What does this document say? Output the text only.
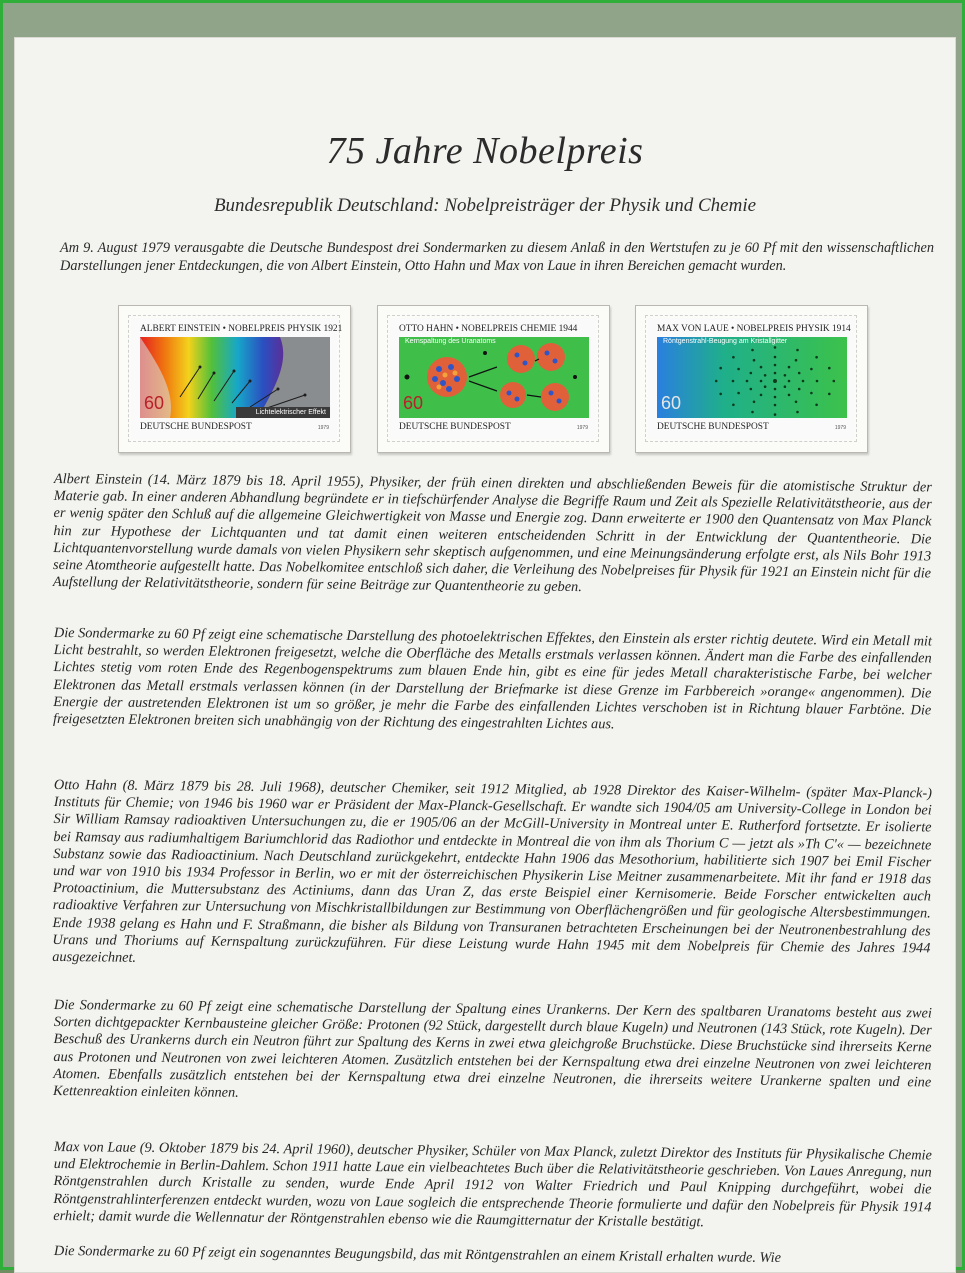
75 Jahre Nobelpreis
Bundesrepublik Deutschland: Nobelpreisträger der Physik und Chemie
Am 9. August 1979 verausgabte die Deutsche Bundespost drei Sondermarken zu diesem Anlaß in den Wertstufen zu je 60 Pf mit den wissenschaftlichen Darstellungen jener Entdeckungen, die von Albert Einstein, Otto Hahn und Max von Laue in ihren Bereichen gemacht wurden.
ALBERT EINSTEIN • NOBELPREIS PHYSIK 1921
60	Lichtelektrischer Effekt
DEUTSCHE BUNDESPOST	1979
OTTO HAHN • NOBELPREIS CHEMIE 1944
Kernspaltung des Uranatoms
60
DEUTSCHE BUNDESPOST	1979
MAX VON LAUE • NOBELPREIS PHYSIK 1914
Röntgenstrahl-Beugung am Kristallgitter
60
DEUTSCHE BUNDESPOST	1979

Albert Einstein (14. März 1879 bis 18. April 1955), Physiker, der früh einen direkten und abschließenden Beweis für die atomistische Struktur der Materie gab. In einer anderen Abhandlung begründete er in tiefschürfender Analyse die Begriffe Raum und Zeit als Spezielle Relativitätstheorie, aus der er wenig später den Schluß auf die allgemeine Gleichwertigkeit von Masse und Energie zog. Dann erweiterte er 1900 den Quantensatz von Max Planck hin zur Hypothese der Lichtquanten und tat damit einen weiteren entscheidenden Schritt in der Entwicklung der Quantentheorie. Die Lichtquantenvorstellung wurde damals von vielen Physikern sehr skeptisch aufgenommen, und eine Meinungsänderung erfolgte erst, als Nils Bohr 1913 seine Atomtheorie aufgestellt hatte. Das Nobelkomitee entschloß sich daher, die Verleihung des Nobelpreises für Physik für 1921 an Einstein nicht für die Aufstellung der Relativitätstheorie, sondern für seine Beiträge zur Quantentheorie zu geben.

Die Sondermarke zu 60 Pf zeigt eine schematische Darstellung des photoelektrischen Effektes, den Einstein als erster richtig deutete. Wird ein Metall mit Licht bestrahlt, so werden Elektronen freigesetzt, welche die Oberfläche des Metalls erstmals verlassen können. Ändert man die Farbe des einfallenden Lichtes stetig vom roten Ende des Regenbogenspektrums zum blauen Ende hin, gibt es eine für jedes Metall charakteristische Farbe, bei welcher Elektronen das Metall erstmals verlassen können (in der Darstellung der Briefmarke ist diese Grenze im Farbbereich »orange« angenommen). Die Energie der austretenden Elektronen ist um so größer, je mehr die Farbe des einfallenden Lichtes verschoben ist in Richtung blauer Farbtöne. Die freigesetzten Elektronen breiten sich unabhängig von der Richtung des eingestrahlten Lichtes aus.

Otto Hahn (8. März 1879 bis 28. Juli 1968), deutscher Chemiker, seit 1912 Mitglied, ab 1928 Direktor des Kaiser-Wilhelm- (später Max-Planck-) Instituts für Chemie; von 1946 bis 1960 war er Präsident der Max-Planck-Gesellschaft. Er wandte sich 1904/05 am University-College in London bei Sir William Ramsay radioaktiven Untersuchungen zu, die er 1905/06 an der McGill-University in Montreal unter E. Rutherford fortsetzte. Er isolierte bei Ramsay aus radiumhaltigem Bariumchlorid das Radiothor und entdeckte in Montreal die von ihm als Thorium C — jetzt als »Th C'« — bezeichnete Substanz sowie das Radioactinium. Nach Deutschland zurückgekehrt, entdeckte Hahn 1906 das Mesothorium, habilitierte sich 1907 bei Emil Fischer und war von 1910 bis 1934 Professor in Berlin, wo er mit der österreichischen Physikerin Lise Meitner zusammenarbeitete. Mit ihr fand er 1918 das Protoactinium, die Muttersubstanz des Actiniums, dann das Uran Z, das erste Beispiel einer Kernisomerie. Beide Forscher entwickelten auch radioaktive Verfahren zur Untersuchung von Mischkristallbildungen zur Bestimmung von Oberflächengrößen und für geologische Altersbestimmungen. Ende 1938 gelang es Hahn und F. Straßmann, die bisher als Bildung von Transuranen betrachteten Erscheinungen bei der Neutronenbestrahlung des Urans und Thoriums auf Kernspaltung zurückzuführen. Für diese Leistung wurde Hahn 1945 mit dem Nobelpreis für Chemie des Jahres 1944 ausgezeichnet.

Die Sondermarke zu 60 Pf zeigt eine schematische Darstellung der Spaltung eines Urankerns. Der Kern des spaltbaren Uranatoms besteht aus zwei Sorten dichtgepackter Kernbausteine gleicher Größe: Protonen (92 Stück, dargestellt durch blaue Kugeln) und Neutronen (143 Stück, rote Kugeln). Der Beschuß des Urankerns durch ein Neutron führt zur Spaltung des Kerns in zwei etwa gleichgroße Bruchstücke. Diese Bruchstücke sind ihrerseits Kerne aus Protonen und Neutronen von zwei leichteren Atomen. Zusätzlich entstehen bei der Kernspaltung etwa drei einzelne Neutronen von zwei leichteren Atomen. Ebenfalls zusätzlich entstehen bei der Kernspaltung etwa drei einzelne Neutronen, die ihrerseits weitere Urankerne spalten und eine Kettenreaktion einleiten können.

Max von Laue (9. Oktober 1879 bis 24. April 1960), deutscher Physiker, Schüler von Max Planck, zuletzt Direktor des Instituts für Physikalische Chemie und Elektrochemie in Berlin-Dahlem. Schon 1911 hatte Laue ein vielbeachtetes Buch über die Relativitätstheorie geschrieben. Von Laues Anregung, nun Röntgenstrahlen durch Kristalle zu senden, wurde Ende April 1912 von Walter Friedrich und Paul Knipping durchgeführt, wobei die Röntgenstrahlinterferenzen entdeckt wurden, wozu von Laue sogleich die entsprechende Theorie formulierte und dafür den Nobelpreis für Physik 1914 erhielt; damit wurde die Wellennatur der Röntgenstrahlen ebenso wie die Raumgitternatur der Kristalle bestätigt.

Die Sondermarke zu 60 Pf zeigt ein sogenanntes Beugungsbild, das mit Röntgenstrahlen an einem Kristall erhalten wurde. Wie
